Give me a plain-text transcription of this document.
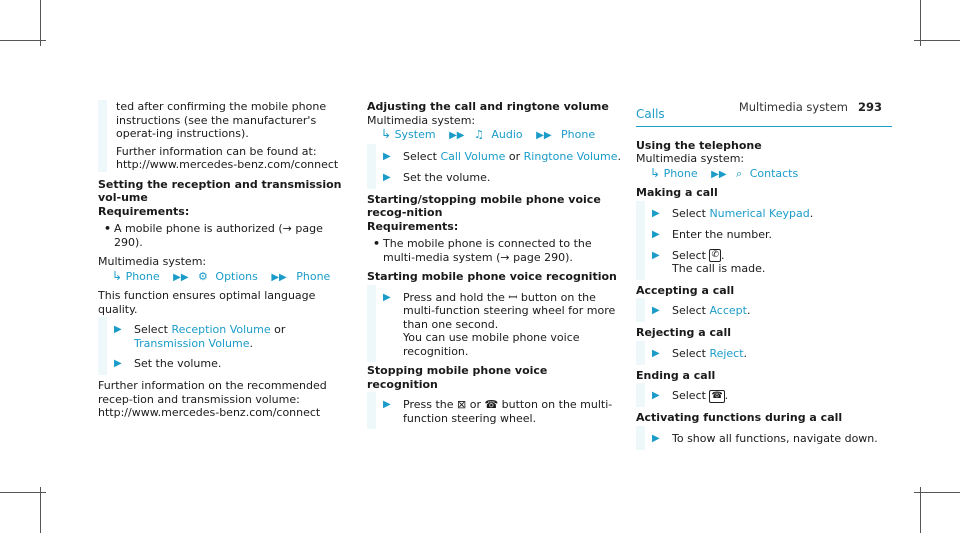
Multimedia system 293

ted after confirming the mobile phone instructions (see the manufacturer's operat-ing instructions).

Further information can be found at: http://www.mercedes-benz.com/connect

Setting the reception and transmission vol-ume

Requirements:

• A mobile phone is authorized (→ page 290).

Multimedia system:

↳ Phone ▶▶ ⚙ Options ▶▶ Phone

This function ensures optimal language quality.

▶ Select Reception Volume or Transmission Volume.
▶ Set the volume.

Further information on the recommended recep-tion and transmission volume: http://www.mercedes-benz.com/connect

Adjusting the call and ringtone volume

Multimedia system:

↳ System ▶▶ ♫ Audio ▶▶ Phone
▶ Select Call Volume or Ringtone Volume.
▶ Set the volume.

Starting/stopping mobile phone voice recog-nition

Requirements:

• The mobile phone is connected to the multi-media system (→ page 290).

Starting mobile phone voice recognition

▶ Press and hold the ꟷ button on the multi-function steering wheel for more than one second.
You can use mobile phone voice recognition.

Stopping mobile phone voice recognition

▶ Press the ⊠ or ☎ button on the multi-function steering wheel.
Calls

Using the telephone

Multimedia system:

↳ Phone ▶▶ ⌕ Contacts

Making a call

▶ Select Numerical Keypad.
▶ Enter the number.
▶ Select ✆ .
The call is made.

Accepting a call

▶ Select Accept.

Rejecting a call

▶ Select Reject.

Ending a call

▶ Select ☎ .

Activating functions during a call

▶ To show all functions, navigate down.
